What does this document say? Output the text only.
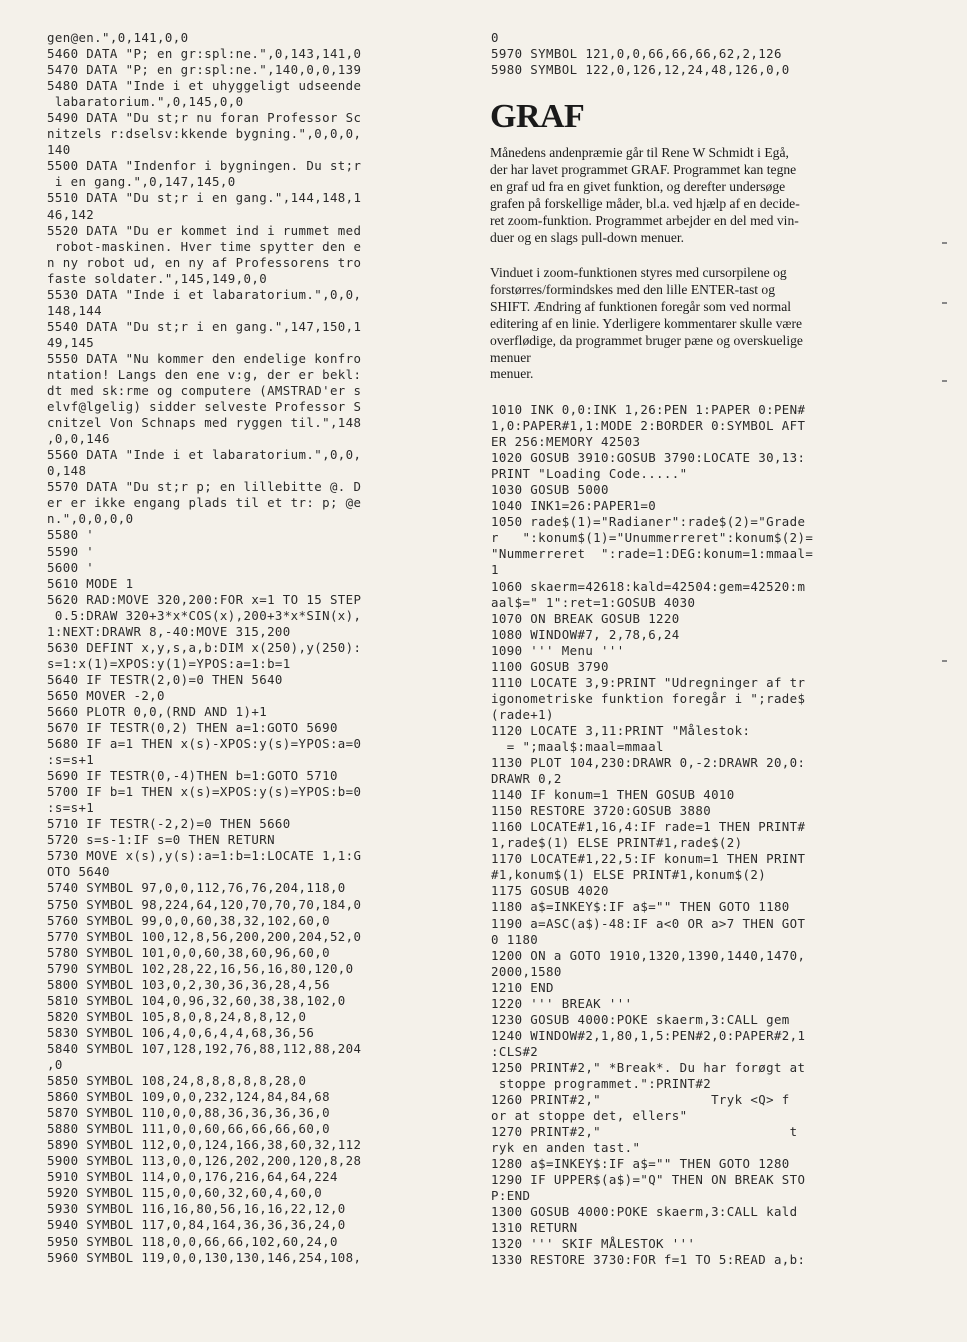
gen@en.",0,141,0,0
5460 DATA "P; en gr:spl:ne.",0,143,141,0
5470 DATA "P; en gr:spl:ne.",140,0,0,139
5480 DATA "Inde i et uhyggeligt udseende
labaratorium.",0,145,0,0
5490 DATA "Du st;r nu foran Professor Sc
nitzels r:dselsv:kkende bygning.",0,0,0,
140
5500 DATA "Indenfor i bygningen. Du st;r
i en gang.",0,147,145,0
5510 DATA "Du st;r i en gang.",144,148,1
46,142
5520 DATA "Du er kommet ind i rummet med
robot-maskinen. Hver time spytter den e
n ny robot ud, en ny af Professorens tro
faste soldater.",145,149,0,0
5530 DATA "Inde i et labaratorium.",0,0,
148,144
5540 DATA "Du st;r i en gang.",147,150,1
49,145
5550 DATA "Nu kommer den endelige konfro
ntation! Langs den ene v:g, der er bekl:
dt med sk:rme og computere (AMSTRAD'er s
elvf@lgelig) sidder selveste Professor S
cnitzel Von Schnaps med ryggen til.",148
,0,0,146
5560 DATA "Inde i et labaratorium.",0,0,
0,148
5570 DATA "Du st;r p; en lillebitte @. D
er er ikke engang plads til et tr: p; @e
n.",0,0,0,0
5580 '
5590 '
5600 '
5610 MODE 1
5620 RAD:MOVE 320,200:FOR x=1 TO 15 STEP
0.5:DRAW 320+3*x*COS(x),200+3*x*SIN(x),
1:NEXT:DRAWR 8,-40:MOVE 315,200
5630 DEFINT x,y,s,a,b:DIM x(250),y(250):
s=1:x(1)=XPOS:y(1)=YPOS:a=1:b=1
5640 IF TESTR(2,0)=0 THEN 5640
5650 MOVER -2,0
5660 PLOTR 0,0,(RND AND 1)+1
5670 IF TESTR(0,2) THEN a=1:GOTO 5690
5680 IF a=1 THEN x(s)-XPOS:y(s)=YPOS:a=0
:s=s+1
5690 IF TESTR(0,-4)THEN b=1:GOTO 5710
5700 IF b=1 THEN x(s)=XPOS:y(s)=YPOS:b=0
:s=s+1
5710 IF TESTR(-2,2)=0 THEN 5660
5720 s=s-1:IF s=0 THEN RETURN
5730 MOVE x(s),y(s):a=1:b=1:LOCATE 1,1:G
OTO 5640
5740 SYMBOL 97,0,0,112,76,76,204,118,0
5750 SYMBOL 98,224,64,120,70,70,70,184,0
5760 SYMBOL 99,0,0,60,38,32,102,60,0
5770 SYMBOL 100,12,8,56,200,200,204,52,0
5780 SYMBOL 101,0,0,60,38,60,96,60,0
5790 SYMBOL 102,28,22,16,56,16,80,120,0
5800 SYMBOL 103,0,2,30,36,36,28,4,56
5810 SYMBOL 104,0,96,32,60,38,38,102,0
5820 SYMBOL 105,8,0,8,24,8,8,12,0
5830 SYMBOL 106,4,0,6,4,4,68,36,56
5840 SYMBOL 107,128,192,76,88,112,88,204
,0
5850 SYMBOL 108,24,8,8,8,8,8,28,0
5860 SYMBOL 109,0,0,232,124,84,84,68
5870 SYMBOL 110,0,0,88,36,36,36,36,0
5880 SYMBOL 111,0,0,60,66,66,66,60,0
5890 SYMBOL 112,0,0,124,166,38,60,32,112
5900 SYMBOL 113,0,0,126,202,200,120,8,28
5910 SYMBOL 114,0,0,176,216,64,64,224
5920 SYMBOL 115,0,0,60,32,60,4,60,0
5930 SYMBOL 116,16,80,56,16,16,22,12,0
5940 SYMBOL 117,0,84,164,36,36,36,24,0
5950 SYMBOL 118,0,0,66,66,102,60,24,0
5960 SYMBOL 119,0,0,130,130,146,254,108,
0
5970 SYMBOL 121,0,0,66,66,66,62,2,126
5980 SYMBOL 122,0,126,12,24,48,126,0,0
GRAF
Månedens andenpræmie går til Rene W Schmidt i Egå,
der har lavet programmet GRAF. Programmet kan tegne
en graf ud fra en givet funktion, og derefter undersøge
grafen på forskellige måder, bl.a. ved hjælp af en decide-
ret zoom-funktion. Programmet arbejder en del med vin-
duer og en slags pull-down menuer.
Vinduet i zoom-funktionen styres med cursorpilene og
forstørres/formindskes med den lille ENTER-tast og
SHIFT. Ændring af funktionen foregår som ved normal
editering af en linie. Yderligere kommentarer skulle være
overflødige, da programmet bruger pæne og overskuelige
menuer
menuer.
1010 INK 0,0:INK 1,26:PEN 1:PAPER 0:PEN#
1,0:PAPER#1,1:MODE 2:BORDER 0:SYMBOL AFT
ER 256:MEMORY 42503
1020 GOSUB 3910:GOSUB 3790:LOCATE 30,13:
PRINT "Loading Code....."
1030 GOSUB 5000
1040 INK1=26:PAPER1=0
1050 rade$(1)="Radianer":rade$(2)="Grade
r   ":konum$(1)="Unummerreret":konum$(2)=
"Nummerreret  ":rade=1:DEG:konum=1:mmaal=
1
1060 skaerm=42618:kald=42504:gem=42520:m
aal$=" 1":ret=1:GOSUB 4030
1070 ON BREAK GOSUB 1220
1080 WINDOW#7, 2,78,6,24
1090 ''' Menu '''
1100 GOSUB 3790
1110 LOCATE 3,9:PRINT "Udregninger af tr
igonometriske funktion foregår i ";rade$
(rade+1)
1120 LOCATE 3,11:PRINT "Målestok:
= ";maal$:maal=mmaal
1130 PLOT 104,230:DRAWR 0,-2:DRAWR 20,0:
DRAWR 0,2
1140 IF konum=1 THEN GOSUB 4010
1150 RESTORE 3720:GOSUB 3880
1160 LOCATE#1,16,4:IF rade=1 THEN PRINT#
1,rade$(1) ELSE PRINT#1,rade$(2)
1170 LOCATE#1,22,5:IF konum=1 THEN PRINT
#1,konum$(1) ELSE PRINT#1,konum$(2)
1175 GOSUB 4020
1180 a$=INKEY$:IF a$="" THEN GOTO 1180
1190 a=ASC(a$)-48:IF a<0 OR a>7 THEN GOT
0 1180
1200 ON a GOTO 1910,1320,1390,1440,1470,
2000,1580
1210 END
1220 ''' BREAK '''
1230 GOSUB 4000:POKE skaerm,3:CALL gem
1240 WINDOW#2,1,80,1,5:PEN#2,0:PAPER#2,1
:CLS#2
1250 PRINT#2," *Break*. Du har forøgt at
stoppe programmet.":PRINT#2
1260 PRINT#2,"              Tryk <Q> f
or at stoppe det, ellers"
1270 PRINT#2,"                        t
ryk en anden tast."
1280 a$=INKEY$:IF a$="" THEN GOTO 1280
1290 IF UPPER$(a$)="Q" THEN ON BREAK STO
P:END
1300 GOSUB 4000:POKE skaerm,3:CALL kald
1310 RETURN
1320 ''' SKIF MÅLESTOK '''
1330 RESTORE 3730:FOR f=1 TO 5:READ a,b:
